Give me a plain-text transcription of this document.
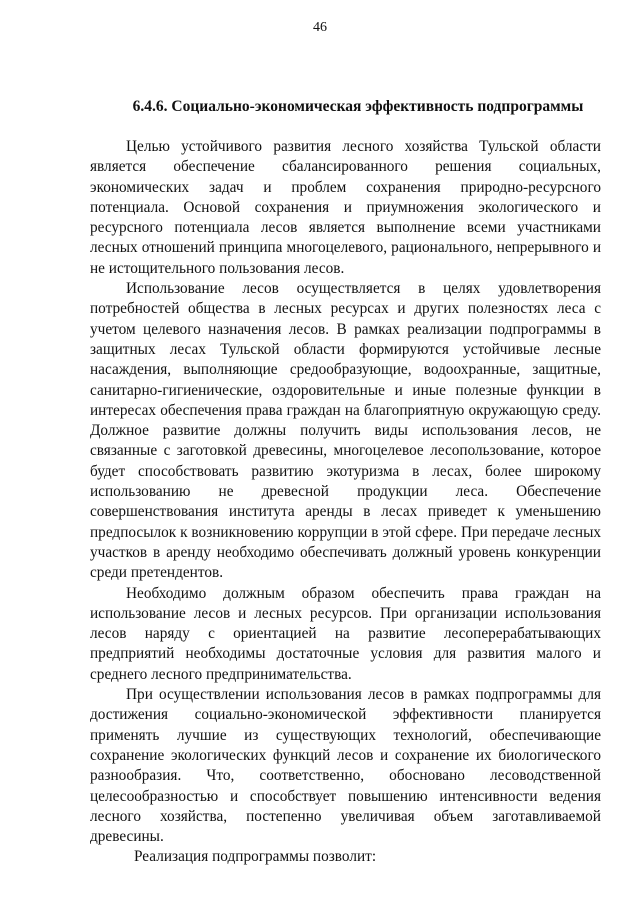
46
6.4.6. Социально-экономическая эффективность подпрограммы

Целью устойчивого развития лесного хозяйства Тульской области является обеспечение сбалансированного решения социальных, экономических задач и проблем сохранения природно-ресурсного потенциала. Основой сохранения и приумножения экологического и ресурсного потенциала лесов является выполнение всеми участниками лесных отношений принципа многоцелевого, рационального, непрерывного и не истощительного пользования лесов.

Использование лесов осуществляется в целях удовлетворения потребностей общества в лесных ресурсах и других полезностях леса с учетом целевого назначения лесов. В рамках реализации подпрограммы в защитных лесах Тульской области формируются устойчивые лесные насаждения, выполняющие средообразующие, водоохранные, защитные, санитарно-гигиенические, оздоровительные и иные полезные функции в интересах обеспечения права граждан на благоприятную окружающую среду. Должное развитие должны получить виды использования лесов, не связанные с заготовкой древесины, многоцелевое лесопользование, которое будет способствовать развитию экотуризма в лесах, более широкому использованию не древесной продукции леса. Обеспечение совершенствования института аренды в лесах приведет к уменьшению предпосылок к возникновению коррупции в этой сфере. При передаче лесных участков в аренду необходимо обеспечивать должный уровень конкуренции среди претендентов.

Необходимо должным образом обеспечить права граждан на использование лесов и лесных ресурсов. При организации использования лесов наряду с ориентацией на развитие лесоперерабатывающих предприятий необходимы достаточные условия для развития малого и среднего лесного предпринимательства.

При осуществлении использования лесов в рамках подпрограммы для достижения социально-экономической эффективности планируется применять лучшие из существующих технологий, обеспечивающие сохранение экологических функций лесов и сохранение их биологического разнообразия. Что, соответственно, обосновано лесоводственной целесообразностью и способствует повышению интенсивности ведения лесного хозяйства, постепенно увеличивая объем заготавливаемой древесины.

Реализация подпрограммы позволит:
